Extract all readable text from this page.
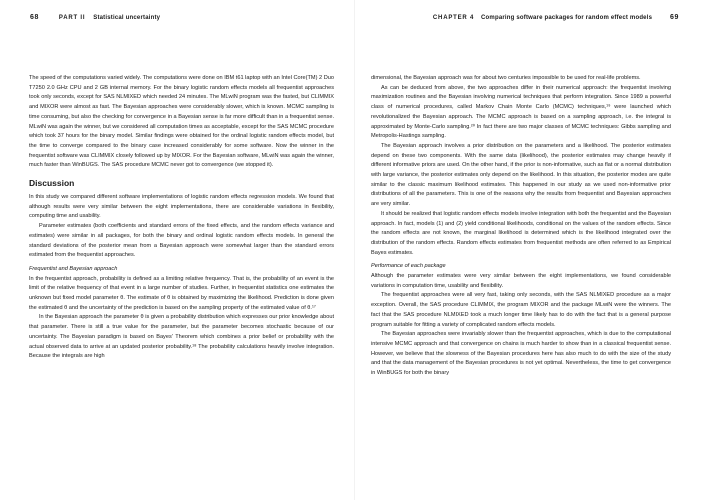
68	PART II Statistical uncertainty

The speed of the computations varied widely. The computations were done on IBM t61 laptop with an Intel Core(TM) 2 Duo T7250 2.0 GHz CPU and 2 GB internal memory. For the binary logistic random effects models all frequentist approaches took only seconds, except for SAS NLMIXED which needed 24 minutes. The MLwiN program was the fasted, but CLIMMIX and MIXOR were almost as fast. The Bayesian approaches were considerably slower, which is known. MCMC sampling is time consuming, but also the checking for convergence in a Bayesian sense is far more difficult than in a frequentist sense. MLwiN was again the winner, but we considered all computation times as acceptable, except for the SAS MCMC procedure which took 37 hours for the binary model. Similar findings were obtained for the ordinal logistic random effects model, but the time to converge compared to the binary case increased considerably for some software. Now the winner in the frequentist software was CLIMMIX closely followed up by MIXOR. For the Bayesian software, MLwiN was again the winner, much faster than WinBUGS. The SAS procedure MCMC never got to convergence (we stopped it).

Discussion

In this study we compared different software implementations of logistic random effects regression models. We found that although results were very similar between the eight implementations, there are considerable variations in flexibility, computing time and usability.

Parameter estimates (both coefficients and standard errors of the fixed effects, and the random effects variance and estimates) were similar in all packages, for both the binary and ordinal logistic random effects models. In general the standard deviations of the posterior mean from a Bayesian approach were somewhat larger than the standard errors estimated from the frequentist approaches.

Frequentist and Bayesian approach

In the frequentist approach, probability is defined as a limiting relative frequency. That is, the probability of an event is the limit of the relative frequency of that event in a large number of studies. Further, in frequentist statistics one estimates the unknown but fixed model parameter θ. The estimate of θ is obtained by maximizing the likelihood. Prediction is done given the estimated θ and the uncertainty of the prediction is based on the sampling property of the estimated value of θ.¹⁷

In the Bayesian approach the parameter θ is given a probability distribution which expresses our prior knowledge about that parameter. There is still a true value for the parameter, but the parameter becomes stochastic because of our uncertainty. The Bayesian paradigm is based on Bayes' Theorem which combines a prior belief or probability with the actual observed data to arrive at an updated posterior probability.¹⁸ The probability calculations heavily involve integration. Because the integrals are high

CHAPTER 4 Comparing software packages for random effect models	69

dimensional, the Bayesian approach was for about two centuries impossible to be used for real-life problems.

As can be deduced from above, the two approaches differ in their numerical approach: the frequentist involving maximization routines and the Bayesian involving numerical techniques that perform integration. Since 1989 a powerful class of numerical procedures, called Markov Chain Monte Carlo (MCMC) techniques,¹⁹ were launched which revolutionalized the Bayesian approach. The MCMC approach is based on a sampling approach, i.e. the integral is approximated by Monte-Carlo sampling.²⁰ In fact there are two major classes of MCMC techniques: Gibbs sampling and Metropolis-Hastings sampling.

The Bayesian approach involves a prior distribution on the parameters and a likelihood. The posterior estimates depend on these two components. With the same data (likelihood), the posterior estimates may change heavily if different informative priors are used. On the other hand, if the prior is non-informative, such as flat or a normal distribution with large variance, the posterior estimates only depend on the likelihood. In this situation, the posterior modes are quite similar to the classic maximum likelihood estimates. This happened in our study as we used non-informative prior distributions of all the parameters. This is one of the reasons why the results from frequentist and Bayesian approaches are very similar.

It should be realized that logistic random effects models involve integration with both the frequentist and the Bayesian approach. In fact, models (1) and (2) yield conditional likelihoods, conditional on the values of the random effects. Since the random effects are not known, the marginal likelihood is determined which is the likelihood integrated over the distribution of the random effects. Random effects estimates from frequentist methods are often referred to as Empirical Bayes estimates.

Performance of each package

Although the parameter estimates were very similar between the eight implementations, we found considerable variations in computation time, usability and flexibility.

The frequentist approaches were all very fast, taking only seconds, with the SAS NLMIXED procedure as a major exception. Overall, the SAS procedure CLIMMIX, the program MIXOR and the package MLwiN were the winners. The fact that the SAS procedure NLMIXED took a much longer time likely has to do with the fact that is a general purpose program suitable for fitting a variety of complicated random effects models.

The Bayesian approaches were invariably slower than the frequentist approaches, which is due to the computational intensive MCMC approach and that convergence on chains is much harder to show than in a classical frequentist sense. However, we believe that the slowness of the Bayesian procedures here has also much to do with the size of the study and that the data management of the Bayesian procedures is not yet optimal. Nevertheless, the time to get convergence in WinBUGS for both the binary
